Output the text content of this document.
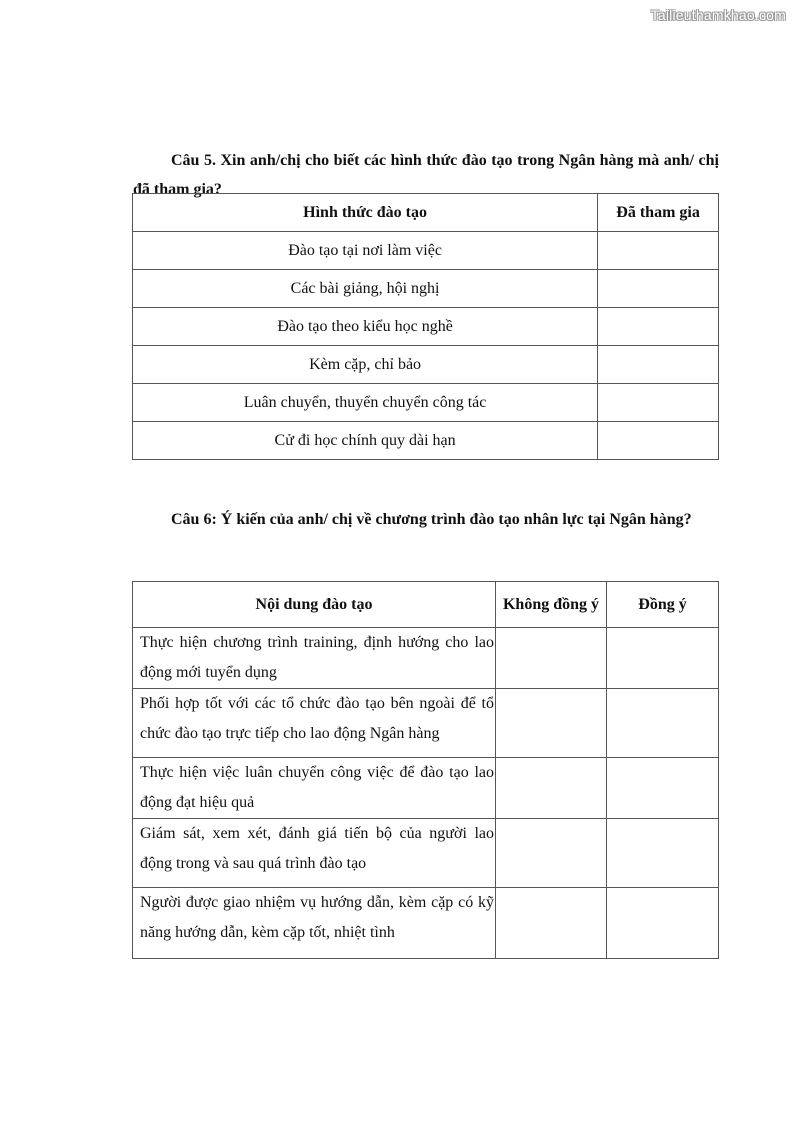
Tailieuthamkhao.com

Câu 5. Xin anh/chị cho biết các hình thức đào tạo trong Ngân hàng mà anh/ chị đã tham gia?

Hình thức đào tạo	Đã tham gia
Đào tạo tại nơi làm việc	
Các bài giảng, hội nghị	
Đào tạo theo kiểu học nghề	
Kèm cặp, chỉ bảo	
Luân chuyển, thuyển chuyển công tác	
Cử đi học chính quy dài hạn	

Câu 6: Ý kiến của anh/ chị về chương trình đào tạo nhân lực tại Ngân hàng?

Nội dung đào tạo	Không đồng ý	Đồng ý
Thực hiện chương trình training, định hướng cho lao động mới tuyển dụng		
Phối hợp tốt với các tổ chức đào tạo bên ngoài để tổ chức đào tạo trực tiếp cho lao động Ngân hàng		
Thực hiện việc luân chuyển công việc để đào tạo lao động đạt hiệu quả		
Giám sát, xem xét, đánh giá tiến bộ của người lao động trong và sau quá trình đào tạo		
Người được giao nhiệm vụ hướng dẫn, kèm cặp có kỹ năng hướng dẫn, kèm cặp tốt, nhiệt tình		
